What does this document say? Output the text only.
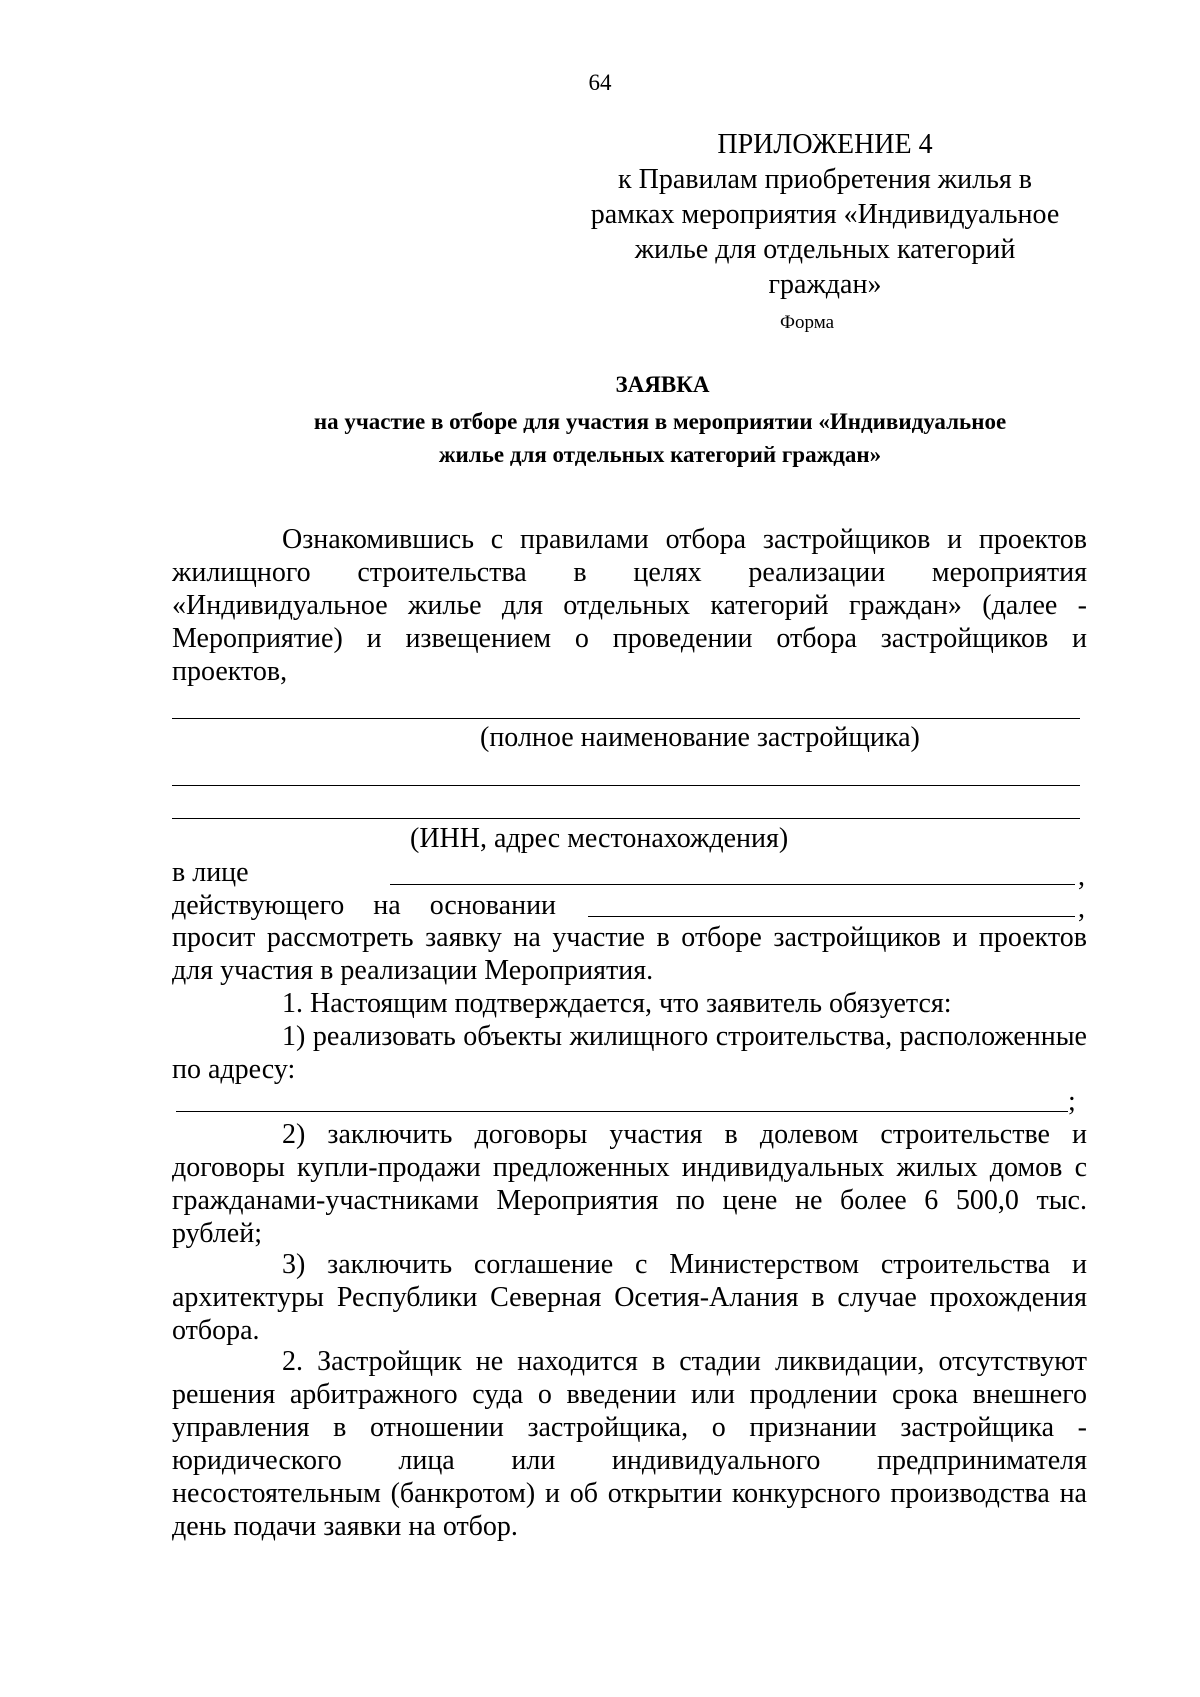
64
ПРИЛОЖЕНИЕ 4
к Правилам приобретения жилья в
рамках мероприятия «Индивидуальное
жилье для отдельных категорий
граждан»
Форма
ЗАЯВКА
на участие в отборе для участия в мероприятии «Индивидуальное
жилье для отдельных категорий граждан»
Ознакомившись с правилами отбора застройщиков и проектов жилищного строительства в целях реализации мероприятия «Индивидуальное жилье для отдельных категорий граждан» (далее - Мероприятие) и извещением о проведении отбора застройщиков и проектов,
(полное наименование застройщика)
(ИНН, адрес местонахождения)
в лице	,
действующего на основании	,
просит рассмотреть заявку на участие в отборе застройщиков и проектов для участия в реализации Мероприятия.
1. Настоящим подтверждается, что заявитель обязуется:
1) реализовать объекты жилищного строительства, расположенные по адресу:
;
2) заключить договоры участия в долевом строительстве и договоры купли-продажи предложенных индивидуальных жилых домов с гражданами-участниками Мероприятия по цене не более 6 500,0 тыс. рублей;
3) заключить соглашение с Министерством строительства и архитектуры Республики Северная Осетия-Алания в случае прохождения отбора.
2. Застройщик не находится в стадии ликвидации, отсутствуют решения арбитражного суда о введении или продлении срока внешнего управления в отношении застройщика, о признании застройщика - юридического лица или индивидуального предпринимателя несостоятельным (банкротом) и об открытии конкурсного производства на день подачи заявки на отбор.
